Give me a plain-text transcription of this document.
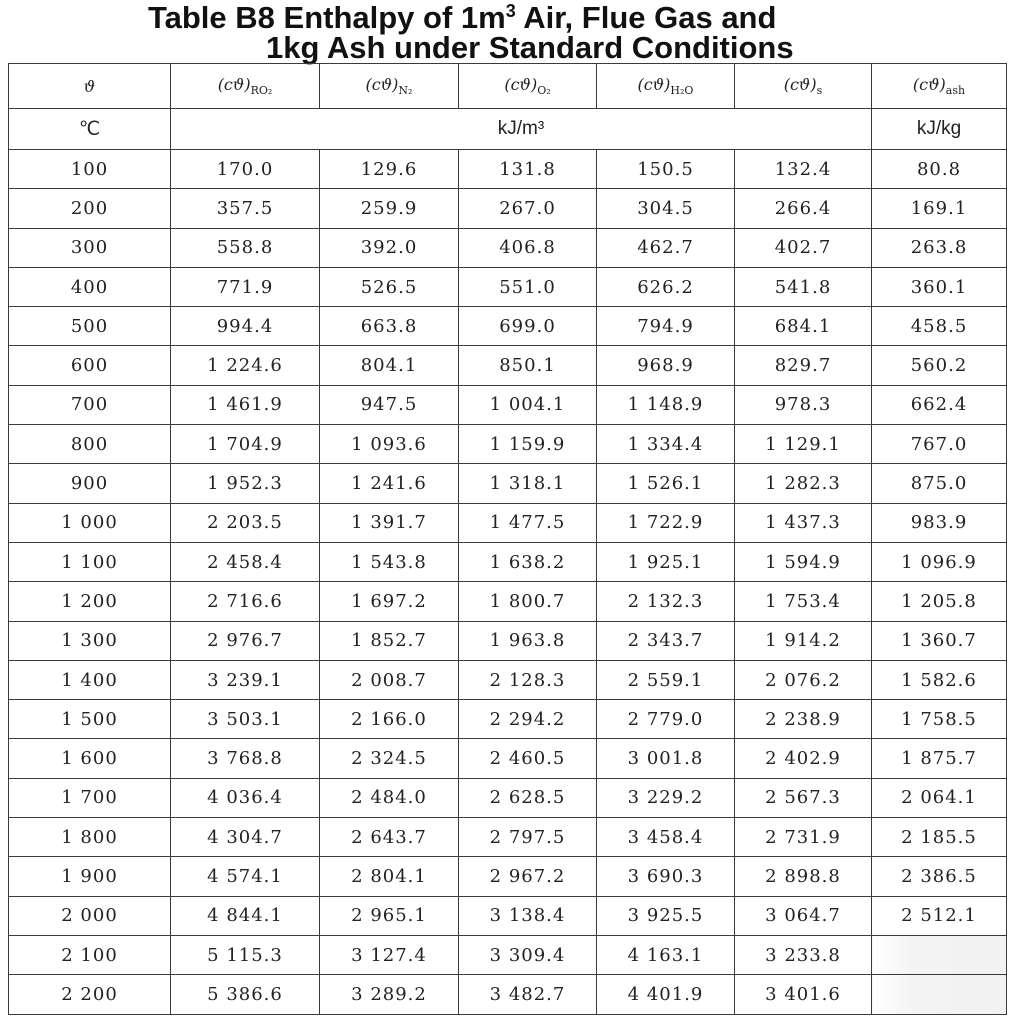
Table B8 Enthalpy of $1m^3$ Air, Flue Gas and
1kg Ash under Standard Conditions
ϑ	$(cϑ)_{RO_2}$	$(cϑ)_{N_2}$	$(cϑ)_{O_2}$	$(cϑ)_{H_2O}$	$(cϑ)_s$	$(cϑ)_{ash}$
℃	kJ/m³					kJ/kg
100	170.0	129.6	131.8	150.5	132.4	80.8
200	357.5	259.9	267.0	304.5	266.4	169.1
300	558.8	392.0	406.8	462.7	402.7	263.8
400	771.9	526.5	551.0	626.2	541.8	360.1
500	994.4	663.8	699.0	794.9	684.1	458.5
600	1 224.6	804.1	850.1	968.9	829.7	560.2
700	1 461.9	947.5	1 004.1	1 148.9	978.3	662.4
800	1 704.9	1 093.6	1 159.9	1 334.4	1 129.1	767.0
900	1 952.3	1 241.6	1 318.1	1 526.1	1 282.3	875.0
1 000	2 203.5	1 391.7	1 477.5	1 722.9	1 437.3	983.9
1 100	2 458.4	1 543.8	1 638.2	1 925.1	1 594.9	1 096.9
1 200	2 716.6	1 697.2	1 800.7	2 132.3	1 753.4	1 205.8
1 300	2 976.7	1 852.7	1 963.8	2 343.7	1 914.2	1 360.7
1 400	3 239.1	2 008.7	2 128.3	2 559.1	2 076.2	1 582.6
1 500	3 503.1	2 166.0	2 294.2	2 779.0	2 238.9	1 758.5
1 600	3 768.8	2 324.5	2 460.5	3 001.8	2 402.9	1 875.7
1 700	4 036.4	2 484.0	2 628.5	3 229.2	2 567.3	2 064.1
1 800	4 304.7	2 643.7	2 797.5	3 458.4	2 731.9	2 185.5
1 900	4 574.1	2 804.1	2 967.2	3 690.3	2 898.8	2 386.5
2 000	4 844.1	2 965.1	3 138.4	3 925.5	3 064.7	2 512.1
2 100	5 115.3	3 127.4	3 309.4	4 163.1	3 233.8	
2 200	5 386.6	3 289.2	3 482.7	4 401.9	3 401.6	
